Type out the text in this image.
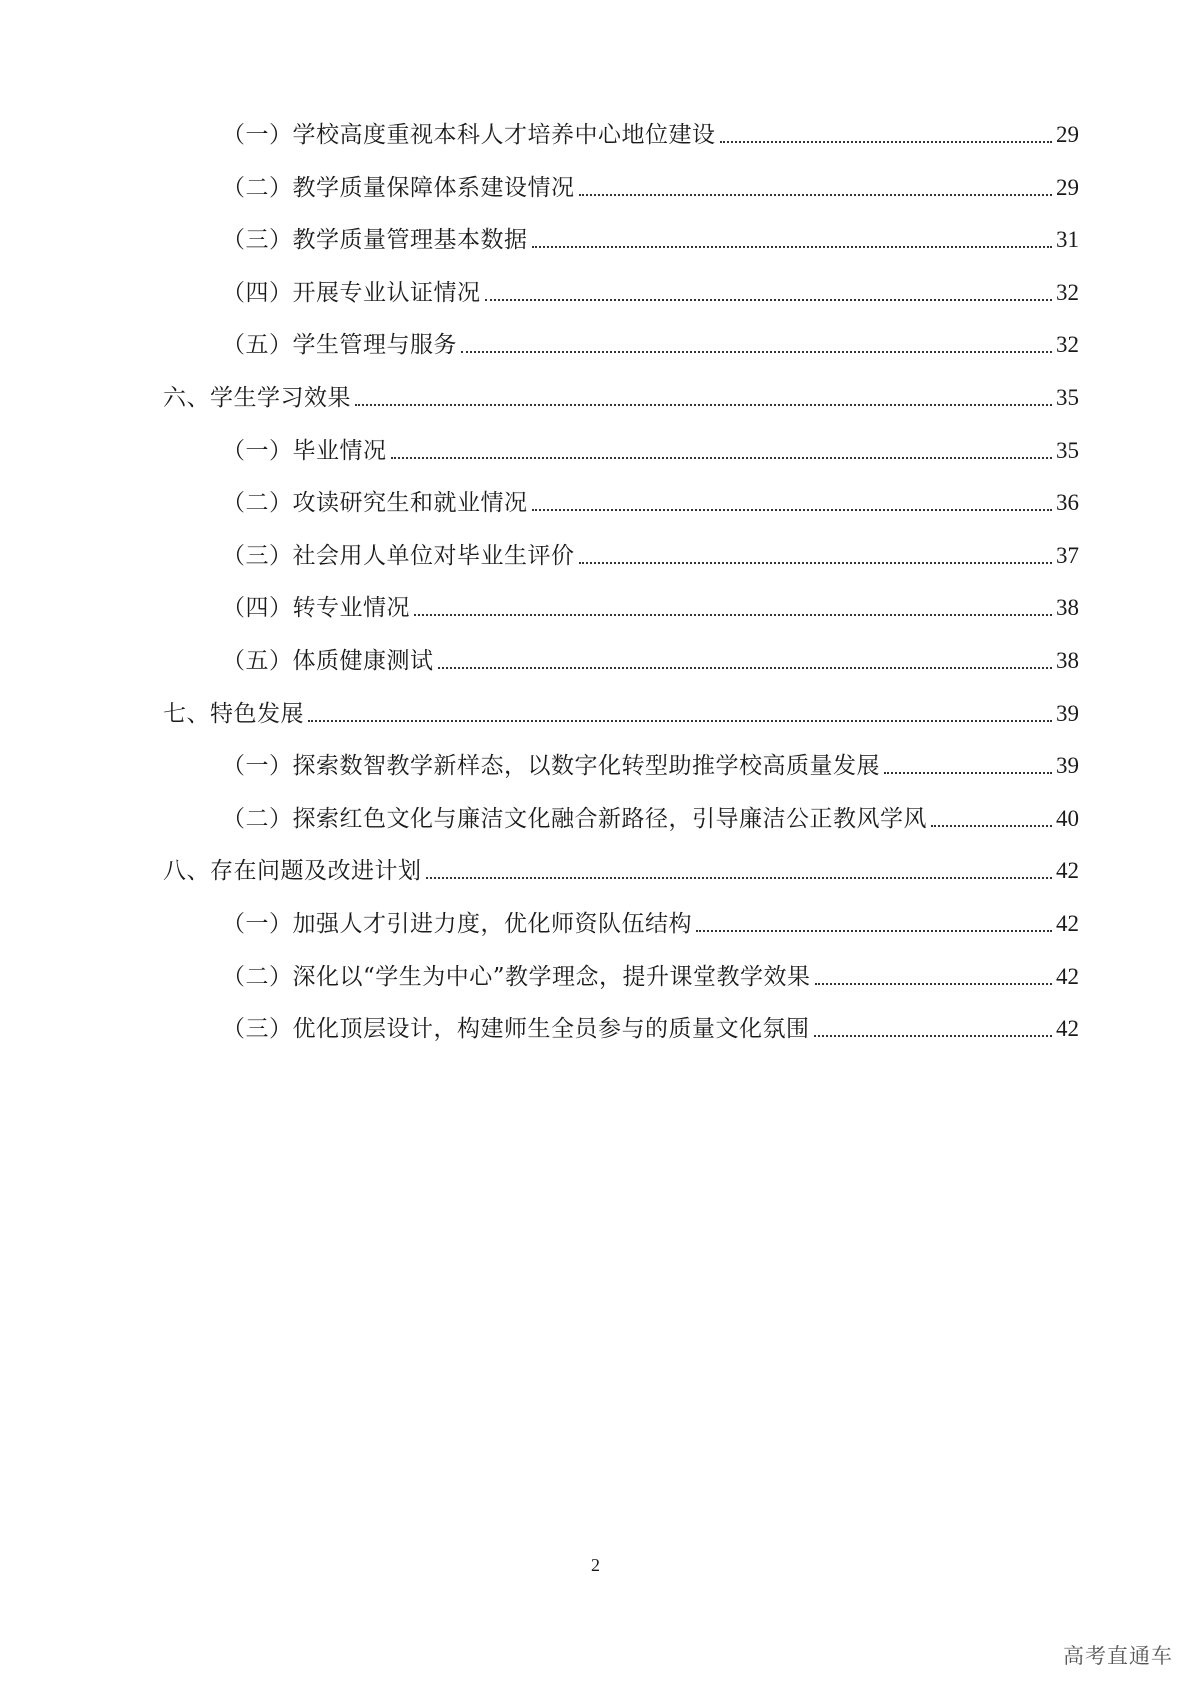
（一）学校高度重视本科人才培养中心地位建设	29
（二）教学质量保障体系建设情况	29
（三）教学质量管理基本数据	31
（四）开展专业认证情况	32
（五）学生管理与服务	32
六、学生学习效果	35
（一）毕业情况	35
（二）攻读研究生和就业情况	36
（三）社会用人单位对毕业生评价	37
（四）转专业情况	38
（五）体质健康测试	38
七、特色发展	39
（一）探索数智教学新样态，以数字化转型助推学校高质量发展	39
（二）探索红色文化与廉洁文化融合新路径，引导廉洁公正教风学风	40
八、存在问题及改进计划	42
（一）加强人才引进力度，优化师资队伍结构	42
（二）深化以“学生为中心”教学理念，提升课堂教学效果	42
（三）优化顶层设计，构建师生全员参与的质量文化氛围	42
2
高考直通车
